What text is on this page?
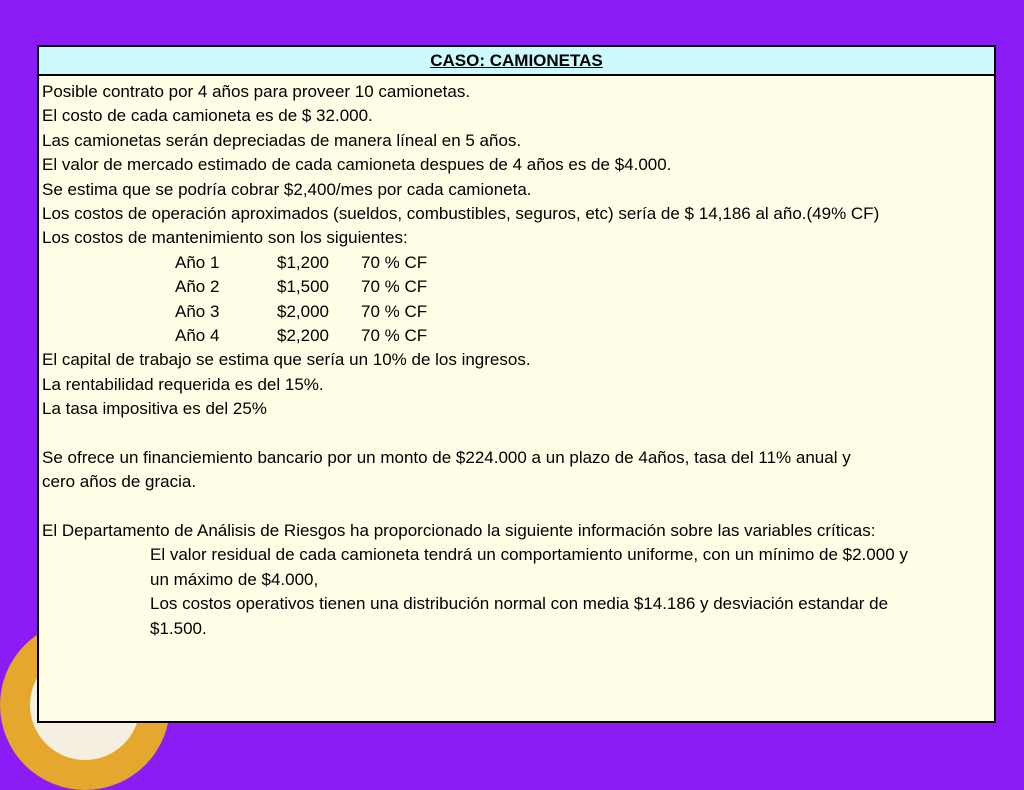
CASO: CAMIONETAS
Posible contrato por 4 años para proveer 10 camionetas.
El costo de cada camioneta es de $ 32.000.
Las camionetas serán depreciadas de manera líneal en 5 años.
El valor de mercado estimado de cada camioneta despues de 4 años es de $4.000.
Se estima que se podría cobrar $2,400/mes por cada camioneta.
Los costos de operación aproximados (sueldos, combustibles, seguros, etc) sería de $ 14,186 al año.(49% CF)
Los costos de mantenimiento son los siguientes:
Año 1	$1,200	70 % CF
Año 2	$1,500	70 % CF
Año 3	$2,000	70 % CF
Año 4	$2,200	70 % CF
El capital de trabajo se estima que sería un 10% de los ingresos.
La rentabilidad requerida es del 15%.
La tasa impositiva es del 25%
Se ofrece un financiemiento bancario por un monto de $224.000 a un plazo de 4años, tasa del 11% anual y
cero años de gracia.
El Departamento de Análisis de Riesgos ha proporcionado la siguiente información sobre las variables críticas:
El valor residual de cada camioneta tendrá un comportamiento uniforme, con un mínimo de $2.000 y
un máximo de $4.000,
Los costos operativos tienen una distribución normal con media $14.186 y desviación estandar de
$1.500.
